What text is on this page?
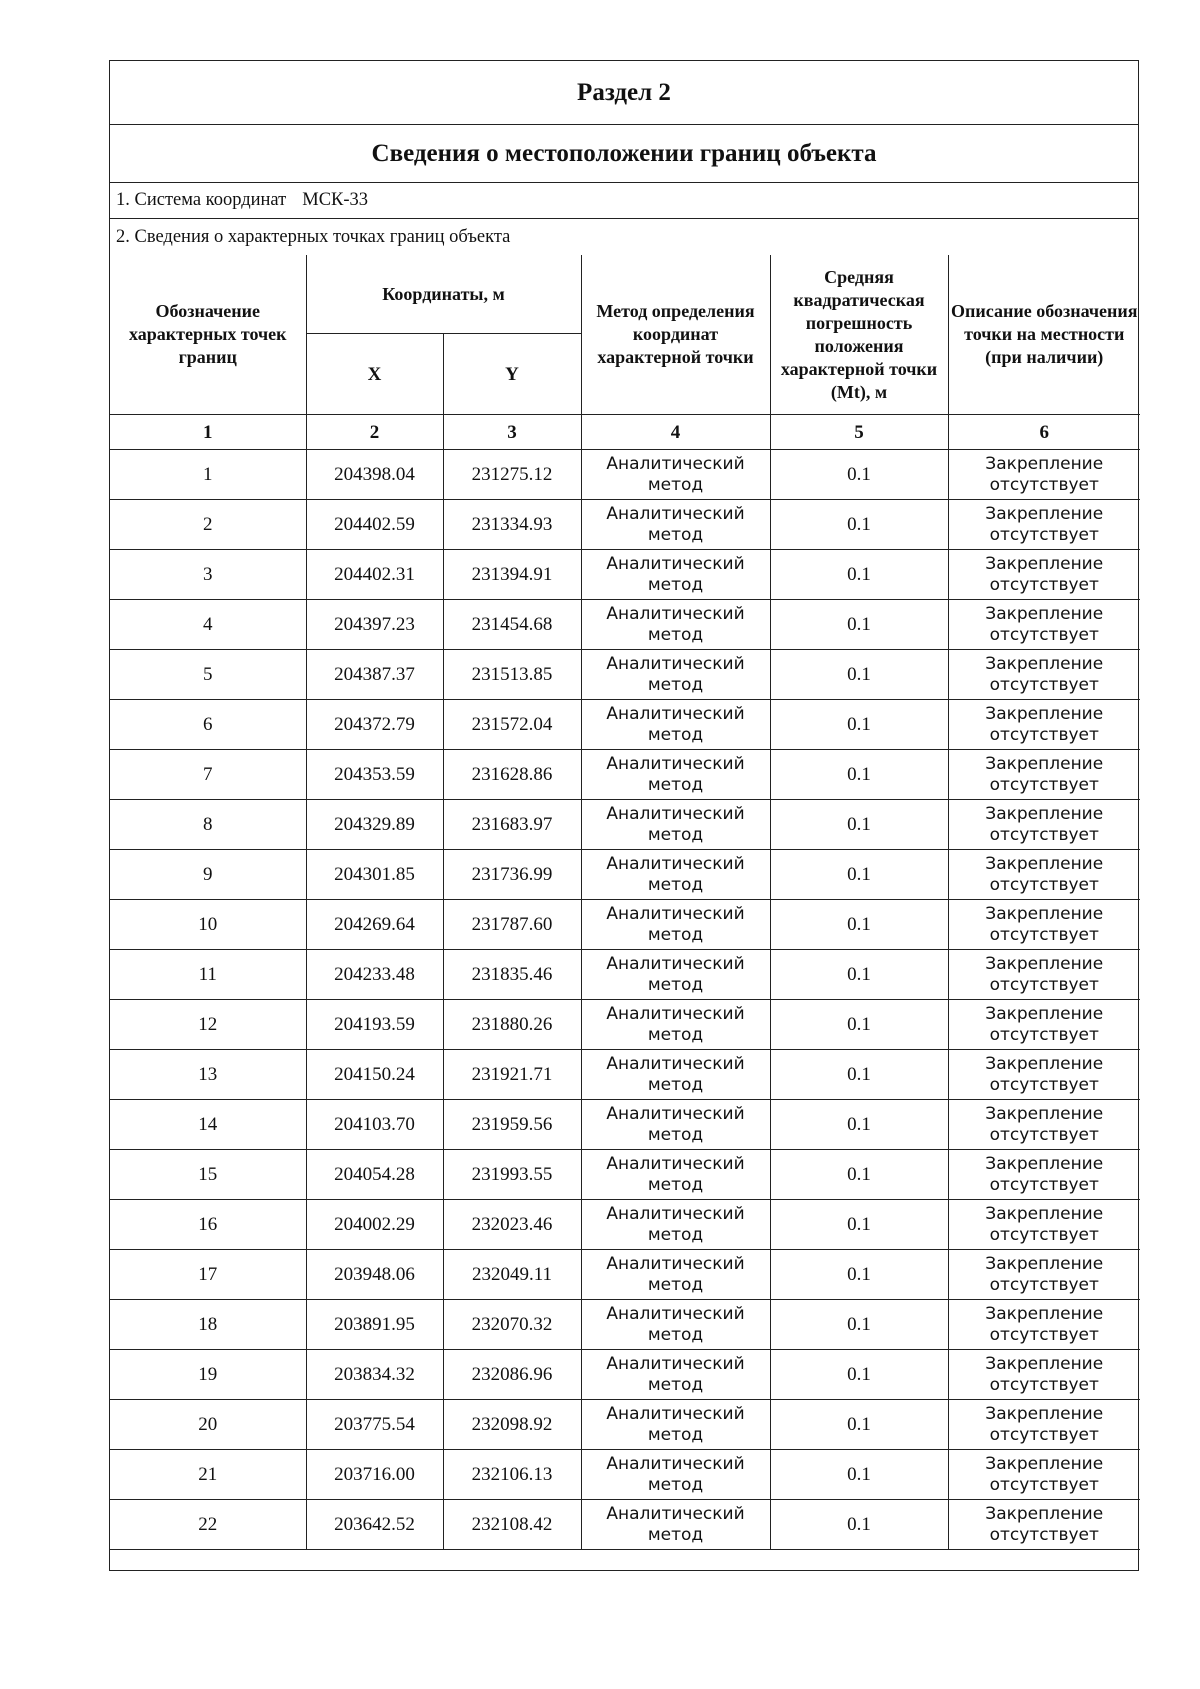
Раздел 2
Сведения о местоположении границ объекта
1. Система координат МСК-33
2. Сведения о характерных точках границ объекта
Обозначение характерных точек границ	Координаты, м		Метод определения координат характерной точки	Средняя квадратическая погрешность положения характерной точки (Mt), м	Описание обозначения точки на местности (при наличии)
	X	Y			
1	2	3	4	5	6
1	204398.04	231275.12	Аналитический метод	0.1	Закрепление отсутствует
2	204402.59	231334.93	Аналитический метод	0.1	Закрепление отсутствует
3	204402.31	231394.91	Аналитический метод	0.1	Закрепление отсутствует
4	204397.23	231454.68	Аналитический метод	0.1	Закрепление отсутствует
5	204387.37	231513.85	Аналитический метод	0.1	Закрепление отсутствует
6	204372.79	231572.04	Аналитический метод	0.1	Закрепление отсутствует
7	204353.59	231628.86	Аналитический метод	0.1	Закрепление отсутствует
8	204329.89	231683.97	Аналитический метод	0.1	Закрепление отсутствует
9	204301.85	231736.99	Аналитический метод	0.1	Закрепление отсутствует
10	204269.64	231787.60	Аналитический метод	0.1	Закрепление отсутствует
11	204233.48	231835.46	Аналитический метод	0.1	Закрепление отсутствует
12	204193.59	231880.26	Аналитический метод	0.1	Закрепление отсутствует
13	204150.24	231921.71	Аналитический метод	0.1	Закрепление отсутствует
14	204103.70	231959.56	Аналитический метод	0.1	Закрепление отсутствует
15	204054.28	231993.55	Аналитический метод	0.1	Закрепление отсутствует
16	204002.29	232023.46	Аналитический метод	0.1	Закрепление отсутствует
17	203948.06	232049.11	Аналитический метод	0.1	Закрепление отсутствует
18	203891.95	232070.32	Аналитический метод	0.1	Закрепление отсутствует
19	203834.32	232086.96	Аналитический метод	0.1	Закрепление отсутствует
20	203775.54	232098.92	Аналитический метод	0.1	Закрепление отсутствует
21	203716.00	232106.13	Аналитический метод	0.1	Закрепление отсутствует
22	203642.52	232108.42	Аналитический метод	0.1	Закрепление отсутствует
